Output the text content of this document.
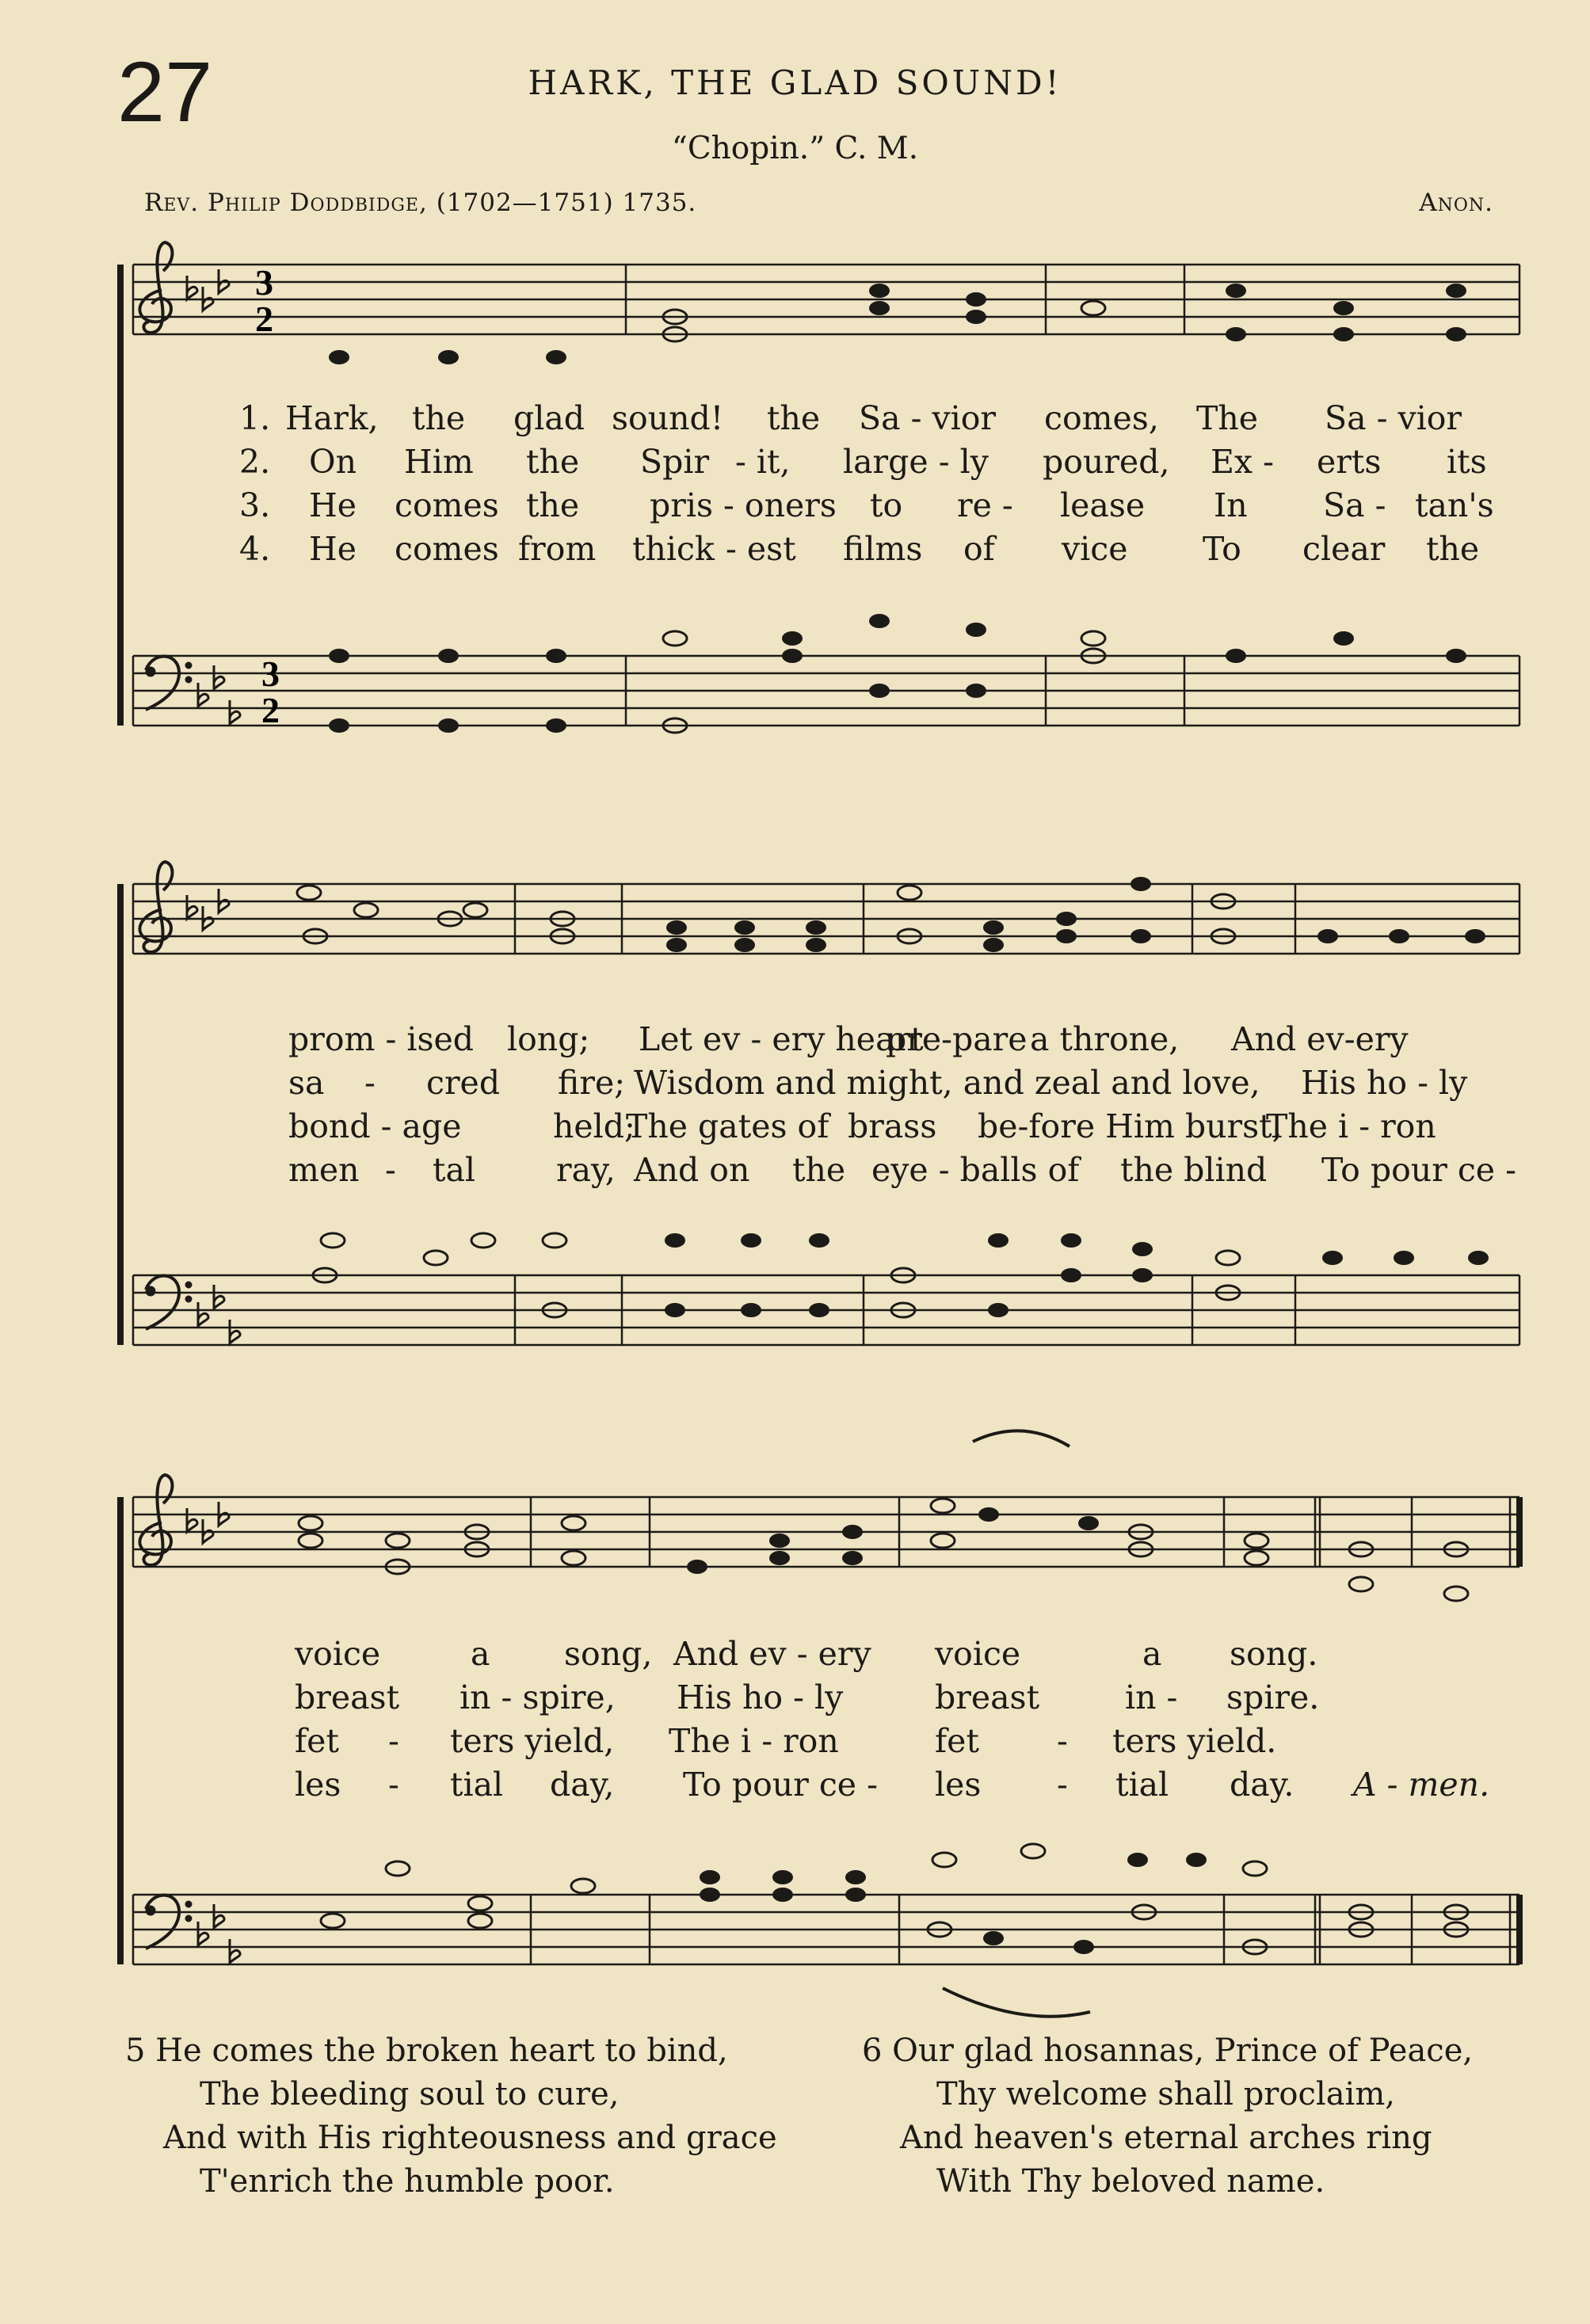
27	HARK, THE GLAD SOUND!
“Chopin.” C. M.
Rev. Philip Doddbidge, (1702—1751) 1735.	Anon.
3
2
3
2
1. Hark, the glad sound! the Sa - vior comes, The Sa - vior
2. On Him the Spir - it, large - ly poured, Ex - erts its
3. He comes the pris - oners to re - lease In Sa - tan's
4. He comes from thick - est films of vice To clear the
prom - ised long; Let ev - ery heart
pre-pare a throne, And ev-ery
sa - cred fire; Wisdom and might, and zeal and love, His ho - ly
bond - age	held;
The gates of brass be-fore Him burst,
The i - ron
men - tal ray, And on the eye - balls of the blind To pour ce -
voice	a song, And ev - ery voice	a song.
breast in - spire, His ho - ly	breast	in - spire.
fet - ters yield, The i - ron	fet - ters yield.
les - tial day, To pour ce - les - tial day. A - men.

5 He comes the broken heart to bind,

The bleeding soul to cure,

And with His righteousness and grace

T'enrich the humble poor.

6 Our glad hosannas, Prince of Peace,

Thy welcome shall proclaim,

And heaven's eternal arches ring

With Thy beloved name.
